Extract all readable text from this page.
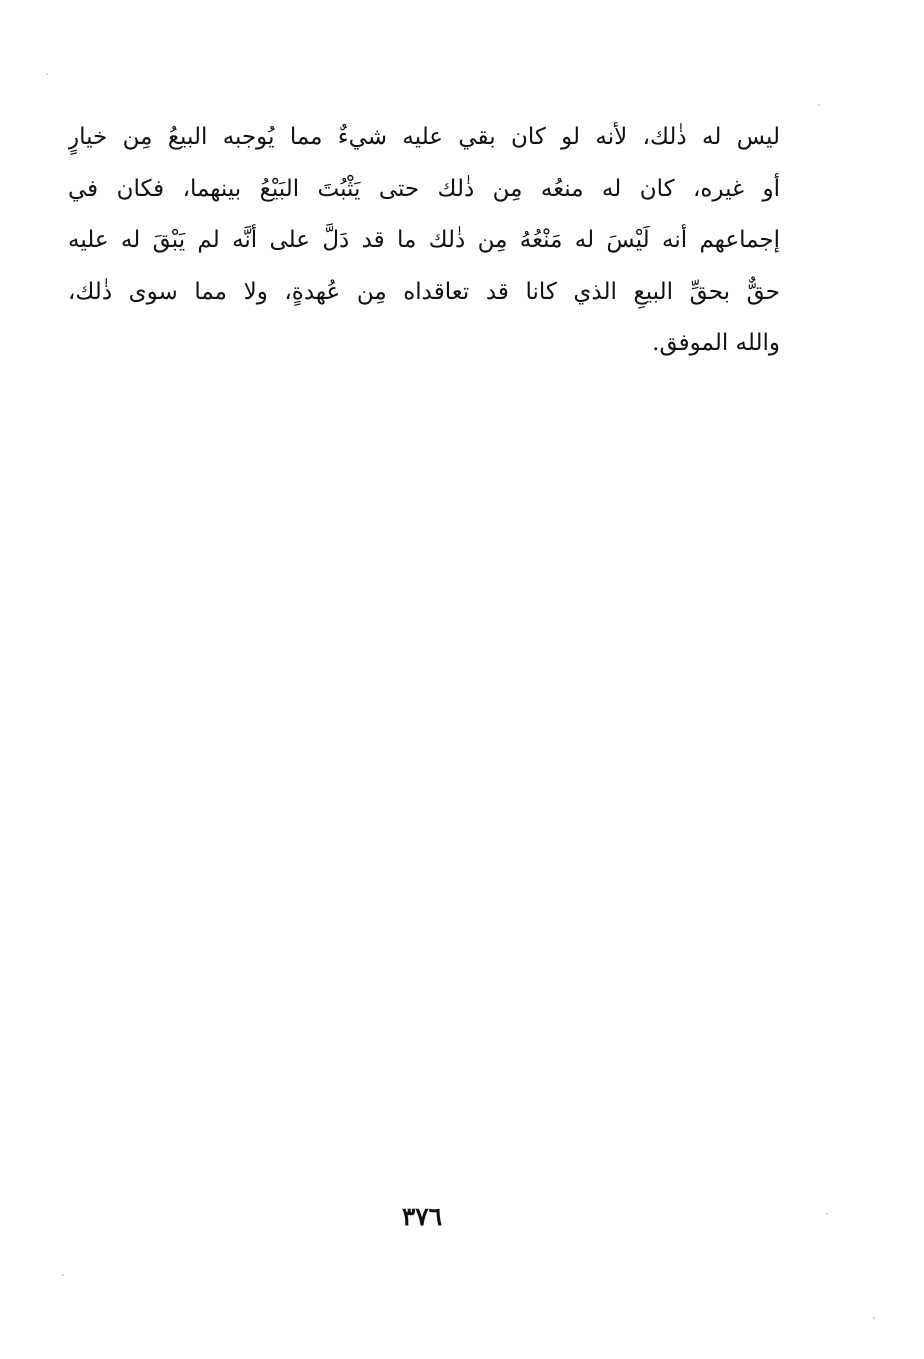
ليس له ذٰلك، لأنه لو كان بقي عليه شيءٌ مما يُوجبه البيعُ مِن خيارٍ
أو غيره، كان له منعُه مِن ذٰلك حتى يَثْبُتَ البَيْعُ بينهما، فكان في
إجماعهم أنه لَيْسَ له مَنْعُهُ مِن ذٰلك ما قد دَلَّ على أنَّه لم يَبْقَ له عليه
حقٌّ بحقِّ البيعِ الذي كانا قد تعاقداه مِن عُهدةٍ، ولا مما سوى ذٰلك،
والله الموفق.
٣٧٦
